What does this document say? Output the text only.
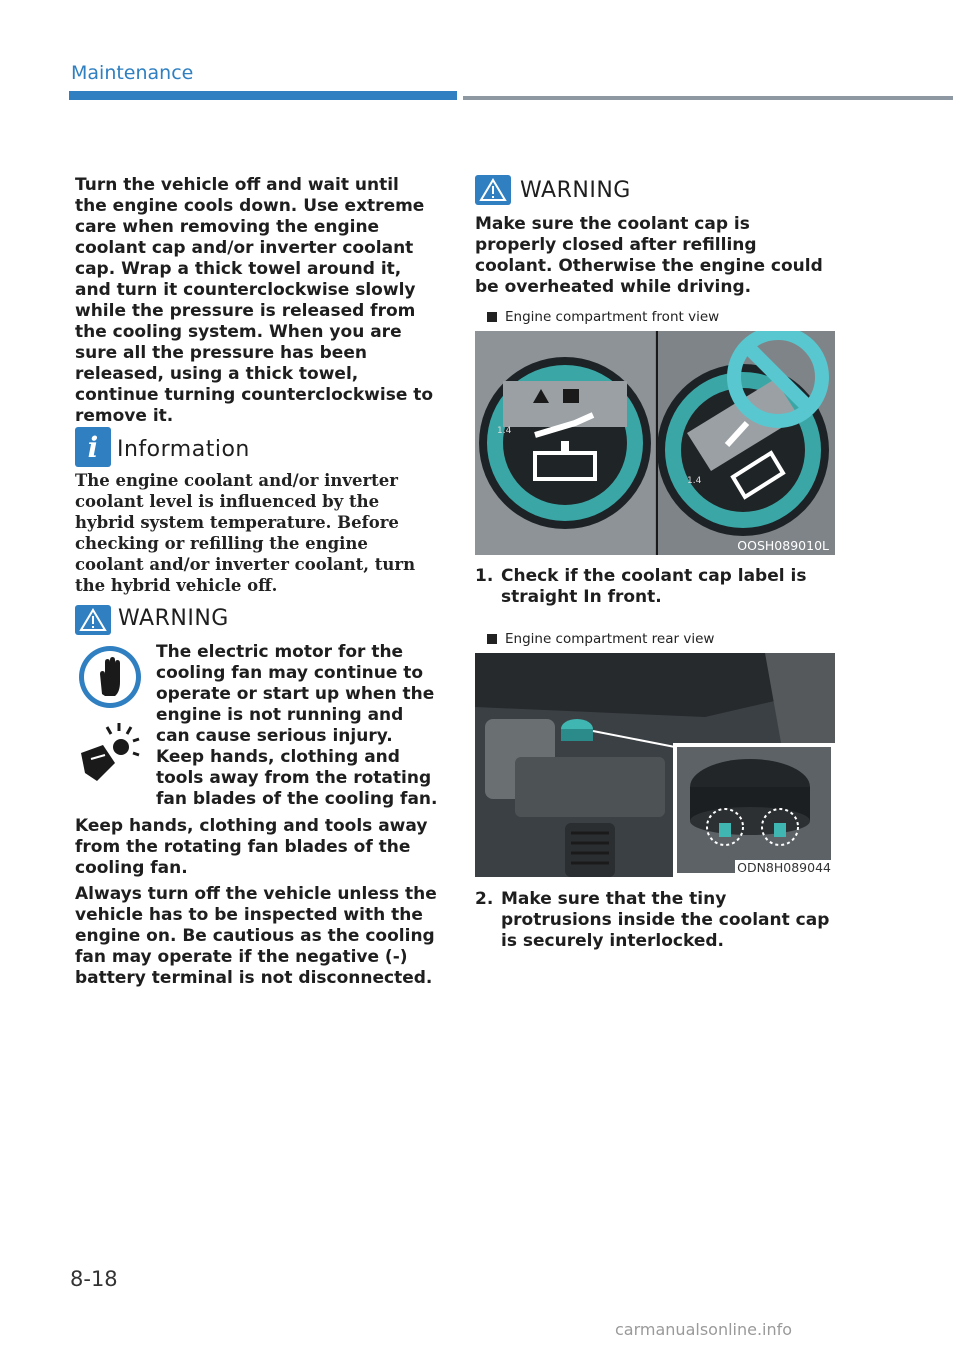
Maintenance
Turn the vehicle off and wait until the engine cools down. Use extreme care when removing the engine coolant cap and/or inverter coolant cap. Wrap a thick towel around it, and turn it counterclockwise slowly while the pressure is released from the cooling system. When you are sure all the pressure has been released, using a thick towel, continue turning counterclockwise to remove it.
i Information
The engine coolant and/or inverter coolant level is influenced by the hybrid system temperature. Before checking or refilling the engine coolant and/or inverter coolant, turn the hybrid vehicle off.
WARNING
The electric motor for the cooling fan may continue to operate or start up when the engine is not running and can cause serious injury. Keep hands, clothing and tools away from the rotating fan blades of the cooling fan.
Keep hands, clothing and tools away from the rotating fan blades of the cooling fan.
Always turn off the vehicle unless the vehicle has to be inspected with the engine on. Be cautious as the cooling fan may operate if the negative (-) battery terminal is not disconnected.
WARNING
Make sure the coolant cap is properly closed after refilling coolant. Otherwise the engine could be overheated while driving.
1.4
1.4
Engine compartment front view
OOSH089010L
1. Check if the coolant cap label is straight In front.
Engine compartment rear view
ODN8H089044
2. Make sure that the tiny protrusions inside the coolant cap is securely interlocked.
8-18
carmanualsonline.info
